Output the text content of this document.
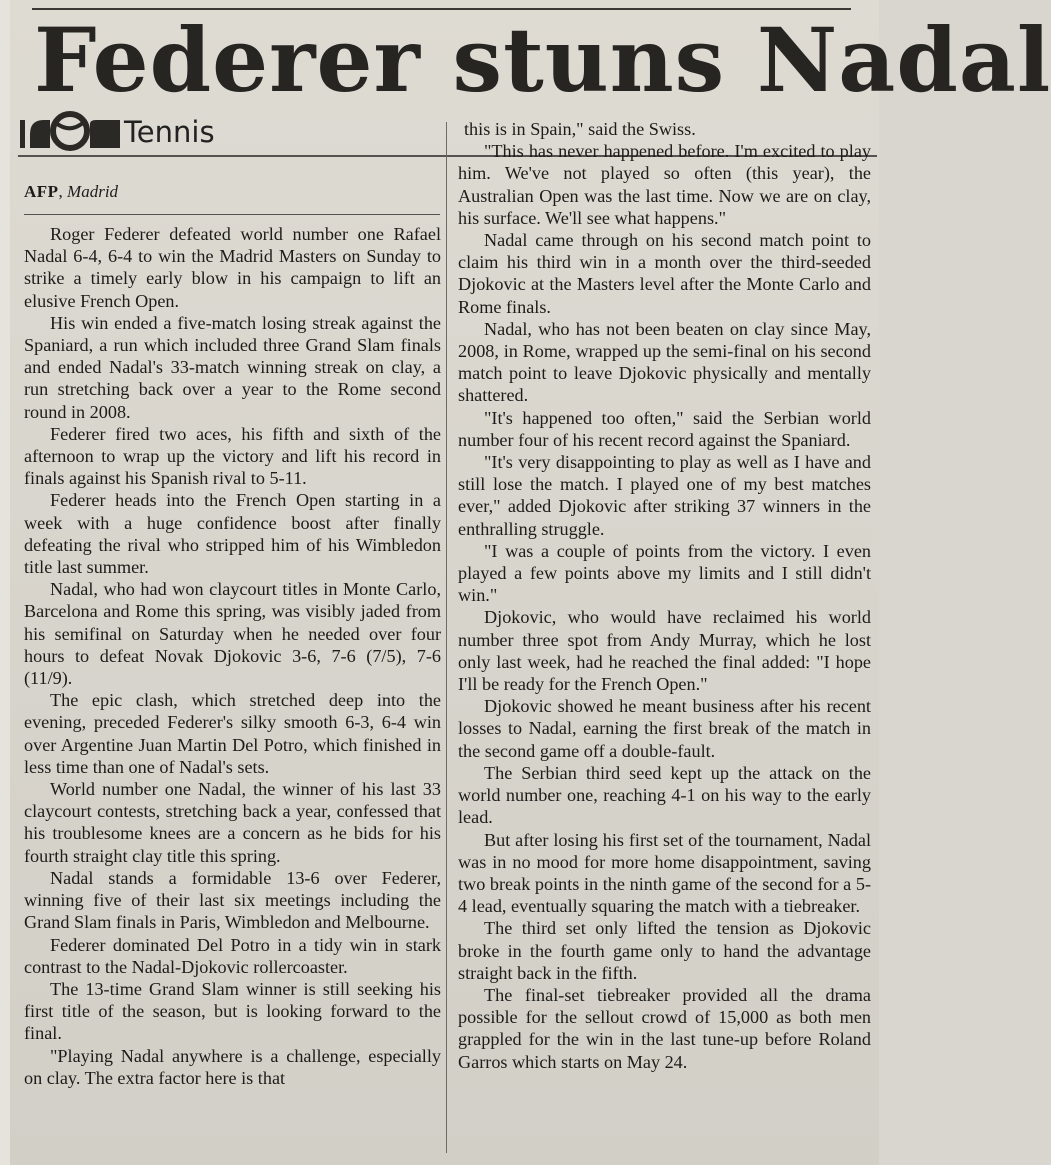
Federer stuns Nadal
Tennis
AFP, Madrid

Roger Federer defeated world number one Rafael Nadal 6-4, 6-4 to win the Madrid Masters on Sunday to strike a timely early blow in his campaign to lift an elusive French Open.

His win ended a five-match losing streak against the Spaniard, a run which included three Grand Slam finals and ended Nadal's 33-match winning streak on clay, a run stretching back over a year to the Rome second round in 2008.

Federer fired two aces, his fifth and sixth of the afternoon to wrap up the victory and lift his record in finals against his Spanish rival to 5-11.

Federer heads into the French Open starting in a week with a huge confidence boost after finally defeating the rival who stripped him of his Wimbledon title last summer.

Nadal, who had won claycourt titles in Monte Carlo, Barcelona and Rome this spring, was visibly jaded from his semifinal on Saturday when he needed over four hours to defeat Novak Djokovic 3-6, 7-6 (7/5), 7-6 (11/9).

The epic clash, which stretched deep into the evening, preceded Federer's silky smooth 6-3, 6-4 win over Argentine Juan Martin Del Potro, which finished in less time than one of Nadal's sets.

World number one Nadal, the winner of his last 33 claycourt contests, stretching back a year, confessed that his troublesome knees are a concern as he bids for his fourth straight clay title this spring.

Nadal stands a formidable 13-6 over Federer, winning five of their last six meetings including the Grand Slam finals in Paris, Wimbledon and Melbourne.

Federer dominated Del Potro in a tidy win in stark contrast to the Nadal-Djokovic rollercoaster.

The 13-time Grand Slam winner is still seeking his first title of the season, but is looking forward to the final.

"Playing Nadal anywhere is a challenge, especially on clay. The extra factor here is that

this is in Spain," said the Swiss.

"This has never happened before. I'm excited to play him. We've not played so often (this year), the Australian Open was the last time. Now we are on clay, his surface. We'll see what happens."

Nadal came through on his second match point to claim his third win in a month over the third-seeded Djokovic at the Masters level after the Monte Carlo and Rome finals.

Nadal, who has not been beaten on clay since May, 2008, in Rome, wrapped up the semi-final on his second match point to leave Djokovic physically and mentally shattered.

"It's happened too often," said the Serbian world number four of his recent record against the Spaniard.

"It's very disappointing to play as well as I have and still lose the match. I played one of my best matches ever," added Djokovic after striking 37 winners in the enthralling struggle.

"I was a couple of points from the victory. I even played a few points above my limits and I still didn't win."

Djokovic, who would have reclaimed his world number three spot from Andy Murray, which he lost only last week, had he reached the final added: "I hope I'll be ready for the French Open."

Djokovic showed he meant business after his recent losses to Nadal, earning the first break of the match in the second game off a double-fault.

The Serbian third seed kept up the attack on the world number one, reaching 4-1 on his way to the early lead.

But after losing his first set of the tournament, Nadal was in no mood for more home disappointment, saving two break points in the ninth game of the second for a 5-4 lead, eventually squaring the match with a tiebreaker.

The third set only lifted the tension as Djokovic broke in the fourth game only to hand the advantage straight back in the fifth.

The final-set tiebreaker provided all the drama possible for the sellout crowd of 15,000 as both men grappled for the win in the last tune-up before Roland Garros which starts on May 24.
